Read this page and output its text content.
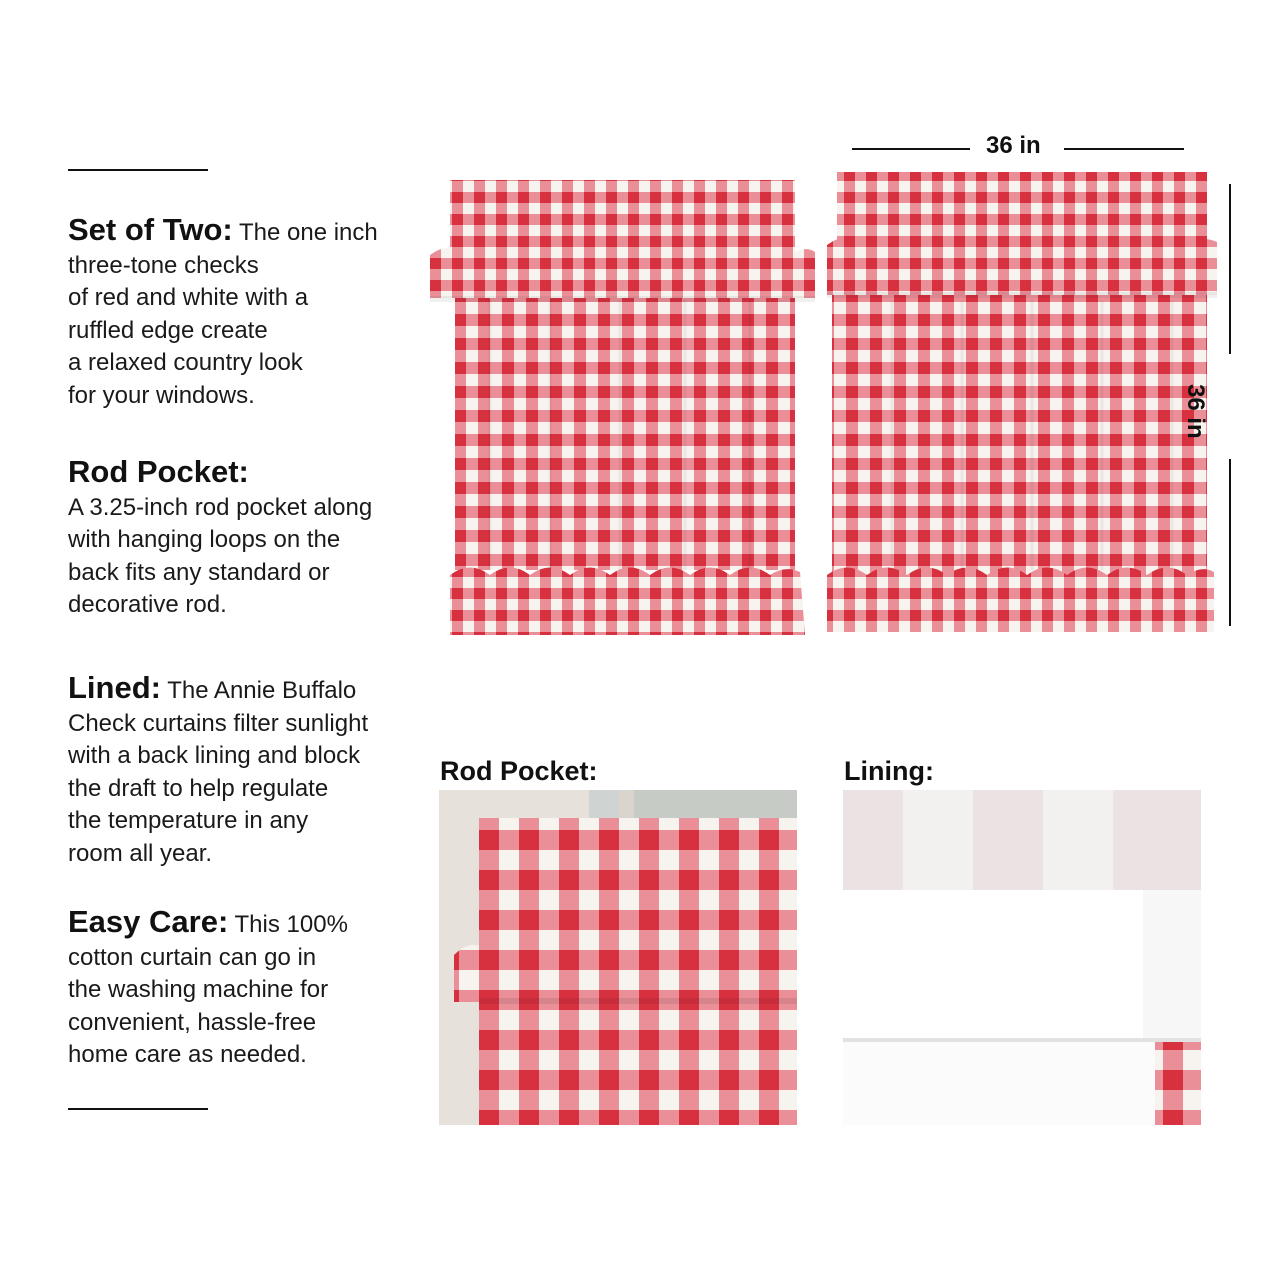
Set of Two: The one inch
three-tone checks
of red and white with a
ruffled edge create
a relaxed country look
for your windows.
Rod Pocket:
A 3.25-inch rod pocket along
with hanging loops on the
back fits any standard or
decorative rod.
Lined: The Annie Buffalo
Check curtains filter sunlight
with a back lining and block
the draft to help regulate
the temperature in any
room all year.
Easy Care: This 100%
cotton curtain can go in
the washing machine for
convenient, hassle-free
home care as needed.
36 in
36 in
Rod Pocket:	Lining:
